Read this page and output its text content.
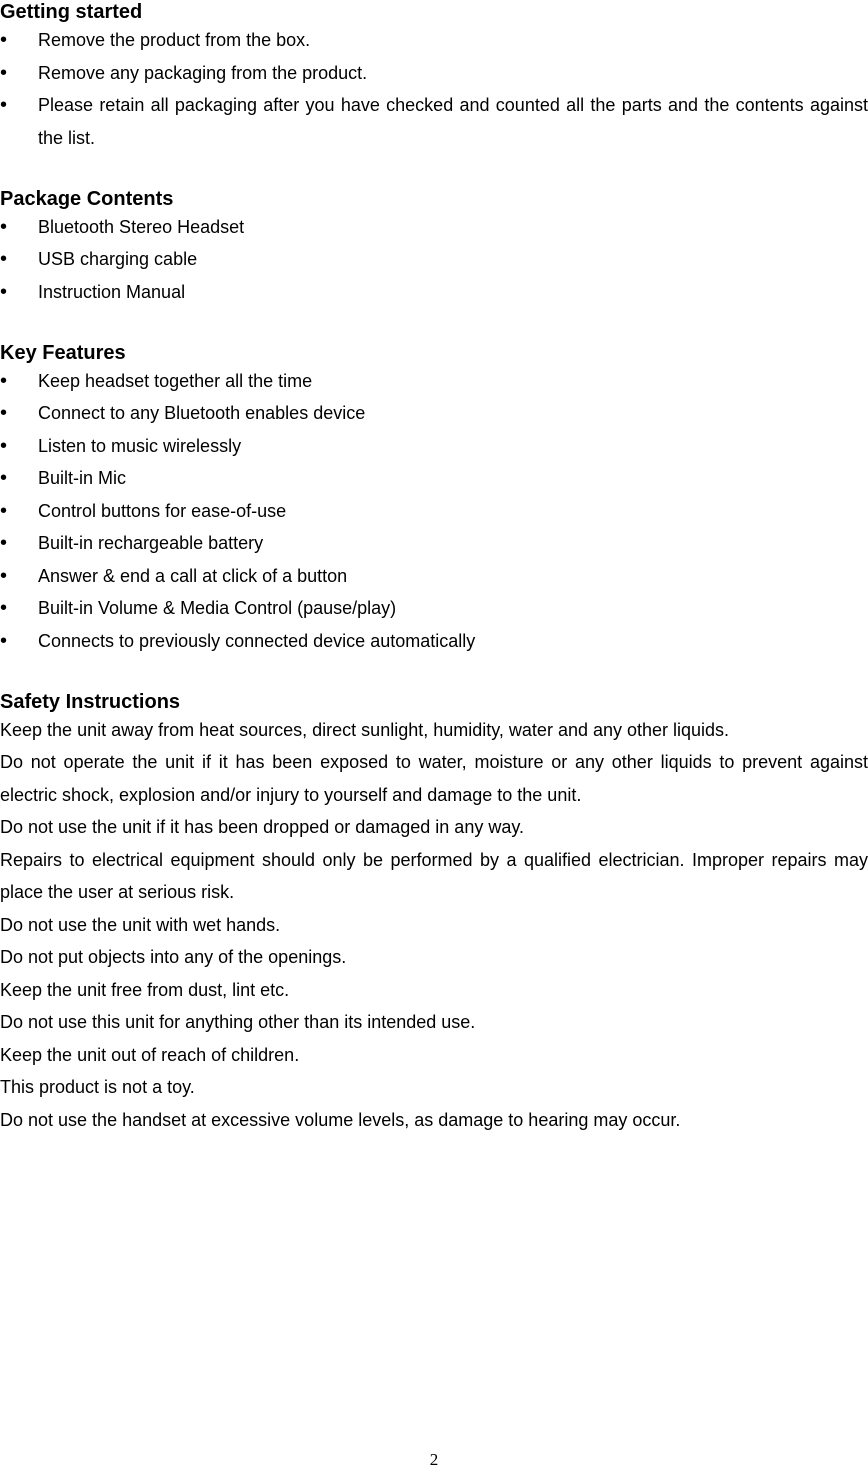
Getting started
• Remove the product from the box.
• Remove any packaging from the product.
• Please retain all packaging after you have checked and counted all the parts and the contents against the list.
Package Contents
• Bluetooth Stereo Headset
• USB charging cable
• Instruction Manual
Key Features
• Keep headset together all the time
• Connect to any Bluetooth enables device
• Listen to music wirelessly
• Built-in Mic
• Control buttons for ease-of-use
• Built-in rechargeable battery
• Answer & end a call at click of a button
• Built-in Volume & Media Control (pause/play)
• Connects to previously connected device automatically
Safety Instructions

Keep the unit away from heat sources, direct sunlight, humidity, water and any other liquids.

Do not operate the unit if it has been exposed to water, moisture or any other liquids to prevent against electric shock, explosion and/or injury to yourself and damage to the unit.

Do not use the unit if it has been dropped or damaged in any way.

Repairs to electrical equipment should only be performed by a qualified electrician. Improper repairs may place the user at serious risk.

Do not use the unit with wet hands.

Do not put objects into any of the openings.

Keep the unit free from dust, lint etc.

Do not use this unit for anything other than its intended use.

Keep the unit out of reach of children.

This product is not a toy.

Do not use the handset at excessive volume levels, as damage to hearing may occur.

2
